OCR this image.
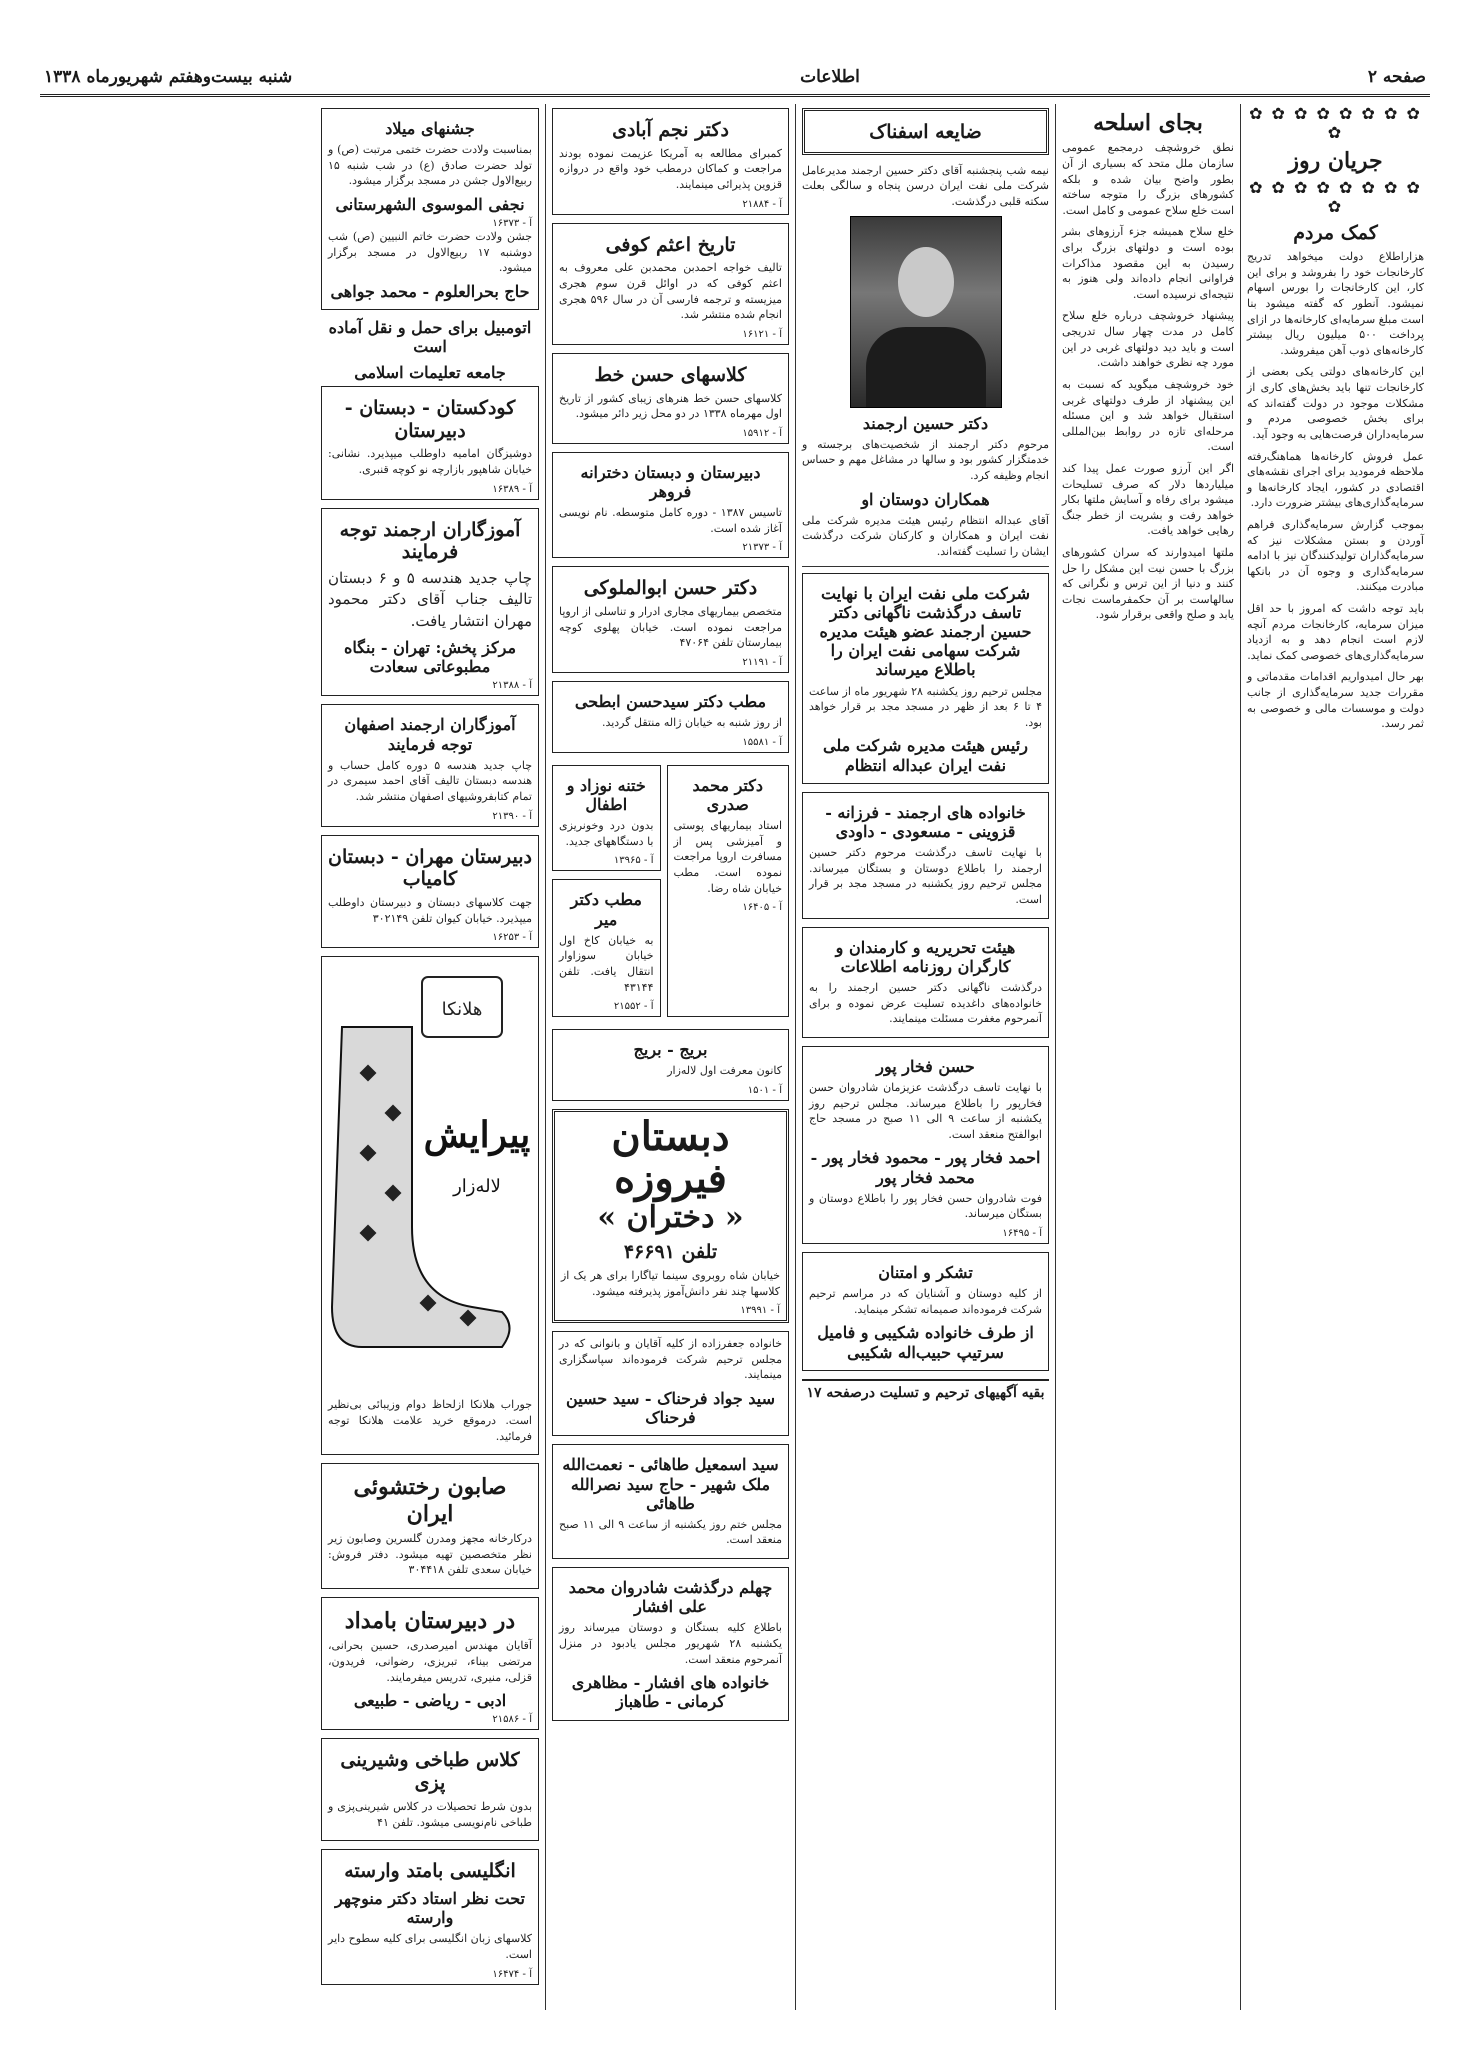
صفحه ۲
اطلاعات
شنبه بیست‌وهفتم شهریورماه ۱۳۳۸
✿ ✿ ✿ ✿ ✿ ✿ ✿ ✿ ✿
جریان روز
✿ ✿ ✿ ✿ ✿ ✿ ✿ ✿ ✿
کمک مردم

هزاراطلاع دولت میخواهد تدریج کارخانجات خود را بفروشد و برای این کار، این کارخانجات را بورس اسهام نمیشود. آنطور که گفته میشود بنا است مبلغ سرمایه‌ای کارخانه‌ها در ازای پرداخت ۵۰۰ میلیون ریال بیشتر کارخانه‌های ذوب آهن میفروشد.

این کارخانه‌های دولتی یکی بعضی از کارخانجات تنها باید بخش‌های کاری از مشکلات موجود در دولت گفته‌اند که برای بخش خصوصی مردم و سرمایه‌داران فرصت‌هایی به وجود آید.

عمل فروش کارخانه‌ها هماهنگ‌رفته ملاحظه فرمودید برای اجرای نقشه‌های اقتصادی در کشور، ایجاد کارخانه‌ها و سرمایه‌گذاری‌های بیشتر ضرورت دارد.

بموجب گزارش سرمایه‌گذاری فراهم آوردن و بستن مشکلات نیز که سرمایه‌گذاران تولیدکنندگان نیز با ادامه سرمایه‌گذاری و وجوه آن در بانکها مبادرت میکنند.

باید توجه داشت که امروز با حد اقل میزان سرمایه، کارخانجات مردم آنچه لازم است انجام دهد و به ازدیاد سرمایه‌گذاری‌های خصوصی کمک نماید.

بهر حال امیدواریم اقدامات مقدماتی و مقررات جدید سرمایه‌گذاری از جانب دولت و موسسات مالی و خصوصی به ثمر رسد.

بجای اسلحه

نطق خروشچف درمجمع عمومی سازمان ملل متحد که بسیاری از آن بطور واضح بیان شده و بلکه کشورهای بزرگ را متوجه ساخته است خلع سلاح عمومی و کامل است.

خلع سلاح همیشه جزء آرزوهای بشر بوده است و دولتهای بزرگ برای رسیدن به این مقصود مذاکرات فراوانی انجام داده‌اند ولی هنوز به نتیجه‌ای نرسیده است.

پیشنهاد خروشچف درباره خلع سلاح کامل در مدت چهار سال تدریجی است و باید دید دولتهای غربی در این مورد چه نظری خواهند داشت.

خود خروشچف میگوید که نسبت به این پیشنهاد از طرف دولتهای غربی استقبال خواهد شد و این مسئله مرحله‌ای تازه در روابط بین‌المللی است.

اگر این آرزو صورت عمل پیدا کند میلیاردها دلار که صرف تسلیحات میشود برای رفاه و آسایش ملتها بکار خواهد رفت و بشریت از خطر جنگ رهایی خواهد یافت.

ملتها امیدوارند که سران کشورهای بزرگ با حسن نیت این مشکل را حل کنند و دنیا از این ترس و نگرانی که سالهاست بر آن حکمفرماست نجات یابد و صلح واقعی برقرار شود.

ضایعه اسفناک

نیمه شب پنجشنبه آقای دکتر حسین ارجمند مدیرعامل شرکت ملی نفت ایران درسن پنجاه و سالگی بعلت سکته قلبی درگذشت.

دکتر حسین ارجمند

مرحوم دکتر ارجمند از شخصیت‌های برجسته و خدمتگزار کشور بود و سالها در مشاغل مهم و حساس انجام وظیفه کرد.

همکاران دوستان او

آقای عبداله انتظام رئیس هیئت مدیره شرکت ملی نفت ایران و همکاران و کارکنان شرکت درگذشت ایشان را تسلیت گفته‌اند.

شرکت ملی نفت ایران با نهایت تاسف درگذشت ناگهانی دکتر حسین ارجمند عضو هیئت مدیره شرکت سهامی نفت ایران را باطلاع میرساند

مجلس ترحیم روز یکشنبه ۲۸ شهریور ماه از ساعت ۴ تا ۶ بعد از ظهر در مسجد مجد بر قرار خواهد بود.

رئیس هیئت مدیره شرکت ملی نفت ایران عبداله انتظام
خانواده های ارجمند - فرزانه - قزوینی - مسعودی - داودی

با نهایت تاسف درگذشت مرحوم دکتر حسین ارجمند را باطلاع دوستان و بستگان میرساند. مجلس ترحیم روز یکشنبه در مسجد مجد بر قرار است.

هیئت تحریریه و کارمندان و کارگران روزنامه اطلاعات

درگذشت ناگهانی دکتر حسین ارجمند را به خانواده‌های داغدیده تسلیت عرض نموده و برای آنمرحوم مغفرت مسئلت مینمایند.

حسن فخار پور

با نهایت تاسف درگذشت عزیزمان شادروان حسن فخارپور را باطلاع میرساند. مجلس ترحیم روز یکشنبه از ساعت ۹ الی ۱۱ صبح در مسجد حاج ابوالفتح منعقد است.

احمد فخار پور - محمود فخار پور - محمد فخار پور

فوت شادروان حسن فخار پور را باطلاع دوستان و بستگان میرساند.

آ - ۱۶۴۹۵
تشکر و امتنان

از کلیه دوستان و آشنایان که در مراسم ترحیم شرکت فرموده‌اند صمیمانه تشکر مینماید.

از طرف خانواده شکیبی و فامیل سرتیپ حبیب‌اله شکیبی
بقیه آگهیهای ترحیم و تسلیت درصفحه ۱۷
دکتر نجم آبادی

کمبرای مطالعه به آمریکا عزیمت نموده بودند مراجعت و کماکان درمطب خود واقع در دروازه قزوین پذیرائی مینمایند.

آ - ۲۱۸۸۴
تاریخ اعثم کوفی

تالیف خواجه احمدبن محمدبن علی معروف به اعثم کوفی که در اوائل قرن سوم هجری میزیسته و ترجمه فارسی آن در سال ۵۹۶ هجری انجام شده منتشر شد.

آ - ۱۶۱۲۱
کلاسهای حسن خط

کلاسهای حسن خط هنرهای زیبای کشور از تاریخ اول مهرماه ۱۳۳۸ در دو محل زیر دائر میشود.

آ - ۱۵۹۱۲
دبیرستان و دبستان دخترانه فروهر

تاسیس ۱۳۸۷ - دوره کامل متوسطه. نام نویسی آغاز شده است.

آ - ۲۱۳۷۳
دکتر حسن ابوالملوکی

متخصص بیماریهای مجاری ادرار و تناسلی از اروپا مراجعت نموده است. خیابان پهلوی کوچه بیمارستان تلفن ۴۷۰۶۴

آ - ۲۱۱۹۱
مطب دکتر سیدحسن ابطحی

از روز شنبه به خیابان ژاله منتقل گردید.

آ - ۱۵۵۸۱
دکتر محمد صدری

استاد بیماریهای پوستی و آمیزشی پس از مسافرت اروپا مراجعت نموده است. مطب خیابان شاه رضا.

آ - ۱۶۴۰۵
ختنه نوزاد و اطفال

بدون درد وخونریزی با دستگاههای جدید.

آ - ۱۳۹۶۵
مطب دکتر میر

به خیابان کاخ اول خیابان سوزاوار انتقال یافت. تلفن ۴۳۱۴۴

آ - ۲۱۵۵۲
بریج - بریج

کانون معرفت اول لاله‌زار

آ - ۱۵۰۱
دبستان فیروزه
« دختران »
تلفن ۴۶۶۹۱

خیابان شاه روبروی سینما تیاگارا برای هر یک از کلاسها چند نفر دانش‌آموز پذیرفته میشود.

آ - ۱۳۹۹۱

خانواده جعفرزاده از کلیه آقایان و بانوانی که در مجلس ترحیم شرکت فرموده‌اند سپاسگزاری مینمایند.

سید جواد فرحناک - سید حسین فرحناک
سید اسمعیل طاهائی - نعمت‌الله ملک شهیر - حاج سید نصرالله طاهائی

مجلس ختم روز یکشنبه از ساعت ۹ الی ۱۱ صبح منعقد است.

چهلم درگذشت شادروان محمد علی افشار

باطلاع کلیه بستگان و دوستان میرساند روز یکشنبه ۲۸ شهریور مجلس یادبود در منزل آنمرحوم منعقد است.

خانواده های افشار - مظاهری کرمانی - طاهباز
جشنهای میلاد

بمناسبت ولادت حضرت ختمی مرتبت (ص) و تولد حضرت صادق (ع) در شب شنبه ۱۵ ربیع‌الاول جشن در مسجد برگزار میشود.

نجفی الموسوی الشهرستانی
آ - ۱۶۳۷۳

جشن ولادت حضرت خاتم النبیین (ص) شب دوشنبه ۱۷ ربیع‌الاول در مسجد برگزار میشود.

حاج بحرالعلوم - محمد جواهی
اتومبیل برای حمل و نقل آماده است
جامعه تعلیمات اسلامی
کودکستان - دبستان - دبیرستان

دوشیزگان امامیه داوطلب میپذیرد. نشانی: خیابان شاهپور بازارچه نو کوچه قنبری.

آ - ۱۶۳۸۹
آموزگاران ارجمند توجه فرمایند

چاپ جدید هندسه ۵ و ۶ دبستان تالیف جناب آقای دکتر محمود مهران انتشار یافت.

مرکز پخش: تهران - بنگاه مطبوعاتی سعادت
آ - ۲۱۳۸۸
آموزگاران ارجمند اصفهان توجه فرمایند

چاپ جدید هندسه ۵ دوره کامل حساب و هندسه دبستان تالیف آقای احمد سیمری در تمام کتابفروشیهای اصفهان منتشر شد.

آ - ۲۱۳۹۰
دبیرستان مهران - دبستان کامیاب

جهت کلاسهای دبستان و دبیرستان داوطلب میپذیرد. خیابان کیوان تلفن ۳۰۲۱۴۹

آ - ۱۶۲۵۳
هلانکا
پیرایش
لاله‌زار

جوراب هلانکا ازلحاظ دوام وزیبائی بی‌نظیر است. درموقع خرید علامت هلانکا توجه فرمائید.

صابون رختشوئی ایران

درکارخانه مجهز ومدرن گلسرین وصابون زیر نظر متخصصین تهیه میشود. دفتر فروش: خیابان سعدی تلفن ۳۰۴۴۱۸

در دبیرستان بامداد

آقایان مهندس امیرصدری، حسین بحرانی، مرتضی بیناء، تبریزی، رضوانی، فریدون، قزلی، منیری، تدریس میفرمایند.

ادبی - ریاضی - طبیعی
آ - ۲۱۵۸۶
کلاس طباخی وشیرینی پزی

بدون شرط تحصیلات در کلاس شیرینی‌پزی و طباخی نام‌نویسی میشود. تلفن ۴۱

انگلیسی بامتد وارسته
تحت نظر استاد دکتر منوچهر وارسته

کلاسهای زبان انگلیسی برای کلیه سطوح دایر است.

آ - ۱۶۴۷۴
